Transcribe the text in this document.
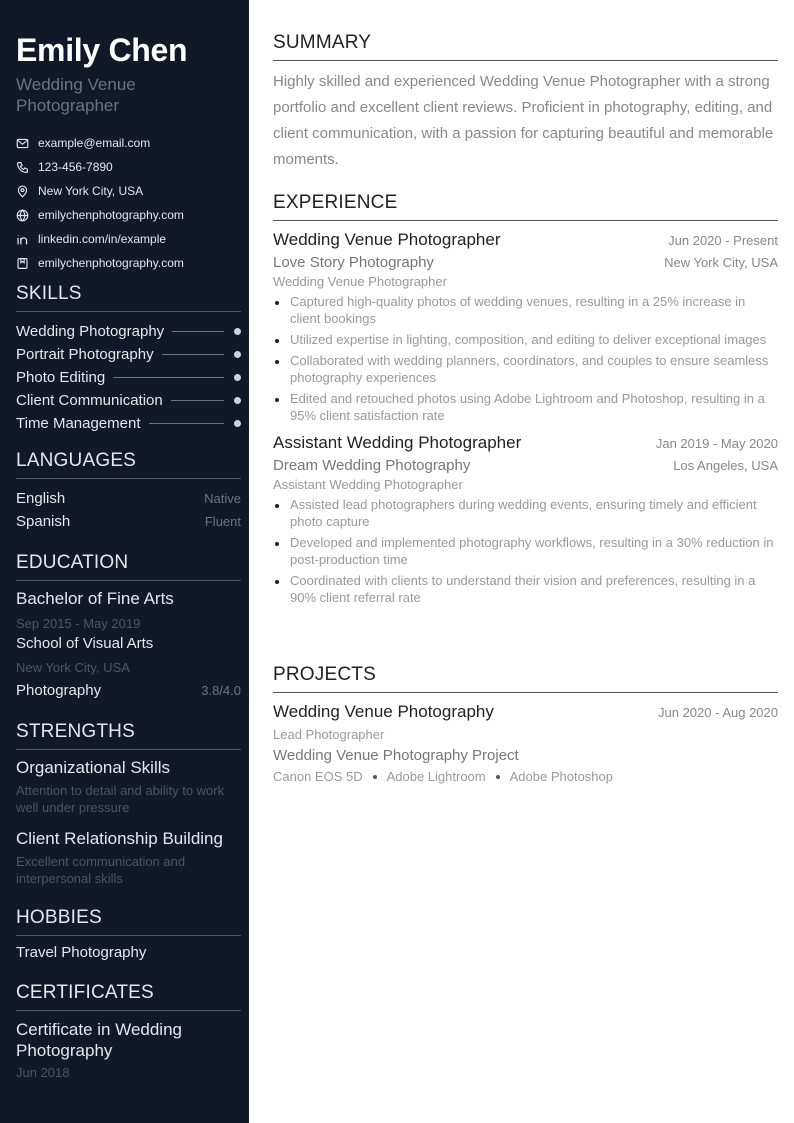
Emily Chen
Wedding Venue Photographer
example@email.com
123-456-7890
New York City, USA
emilychenphotography.com
linkedin.com/in/example
emilychenphotography.com
SKILLS
Wedding Photography
Portrait Photography
Photo Editing
Client Communication
Time Management
LANGUAGES
English	Native
Spanish	Fluent
EDUCATION
Bachelor of Fine Arts
Sep 2015 - May 2019
School of Visual Arts
New York City, USA
Photography	3.8/4.0
STRENGTHS
Organizational Skills
Attention to detail and ability to work well under pressure
Client Relationship Building
Excellent communication and interpersonal skills
HOBBIES
Travel Photography
CERTIFICATES
Certificate in Wedding Photography
Jun 2018
SUMMARY
Highly skilled and experienced Wedding Venue Photographer with a strong portfolio and excellent client reviews. Proficient in photography, editing, and client communication, with a passion for capturing beautiful and memorable moments.
EXPERIENCE
Wedding Venue Photographer	Jun 2020 - Present
Love Story Photography	New York City, USA
Wedding Venue Photographer
Captured high-quality photos of wedding venues, resulting in a 25% increase in client bookings
Utilized expertise in lighting, composition, and editing to deliver exceptional images
Collaborated with wedding planners, coordinators, and couples to ensure seamless photography experiences
Edited and retouched photos using Adobe Lightroom and Photoshop, resulting in a 95% client satisfaction rate
Assistant Wedding Photographer	Jan 2019 - May 2020
Dream Wedding Photography	Los Angeles, USA
Assistant Wedding Photographer
Assisted lead photographers during wedding events, ensuring timely and efficient photo capture
Developed and implemented photography workflows, resulting in a 30% reduction in post-production time
Coordinated with clients to understand their vision and preferences, resulting in a 90% client referral rate
PROJECTS
Wedding Venue Photography	Jun 2020 - Aug 2020
Lead Photographer
Wedding Venue Photography Project
Canon EOS 5D Adobe Lightroom Adobe Photoshop
